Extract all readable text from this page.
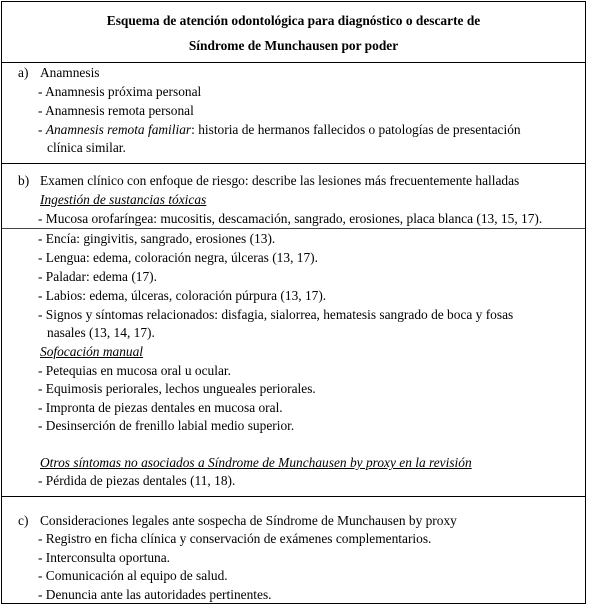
Esquema de atención odontológica para diagnóstico o descarte de
Síndrome de Munchausen por poder
a) Anamnesis
- Anamnesis próxima personal
- Anamnesis remota personal
- Anamnesis remota familiar: historia de hermanos fallecidos o patologías de presentación
clínica similar.
b) Examen clínico con enfoque de riesgo: describe las lesiones más frecuentemente halladas
Ingestión de sustancias tóxicas
- Mucosa orofaríngea: mucositis, descamación, sangrado, erosiones, placa blanca (13, 15, 17).
- Encía: gingivitis, sangrado, erosiones (13).
- Lengua: edema, coloración negra, úlceras (13, 17).
- Paladar: edema (17).
- Labios: edema, úlceras, coloración púrpura (13, 17).
- Signos y síntomas relacionados: disfagia, sialorrea, hematesis sangrado de boca y fosas
nasales (13, 14, 17).
Sofocación manual
- Petequias en mucosa oral u ocular.
- Equimosis periorales, lechos ungueales periorales.
- Impronta de piezas dentales en mucosa oral.
- Desinserción de frenillo labial medio superior.
Otros síntomas no asociados a Síndrome de Munchausen by proxy en la revisión
- Pérdida de piezas dentales (11, 18).
c) Consideraciones legales ante sospecha de Síndrome de Munchausen by proxy
- Registro en ficha clínica y conservación de exámenes complementarios.
- Interconsulta oportuna.
- Comunicación al equipo de salud.
- Denuncia ante las autoridades pertinentes.
